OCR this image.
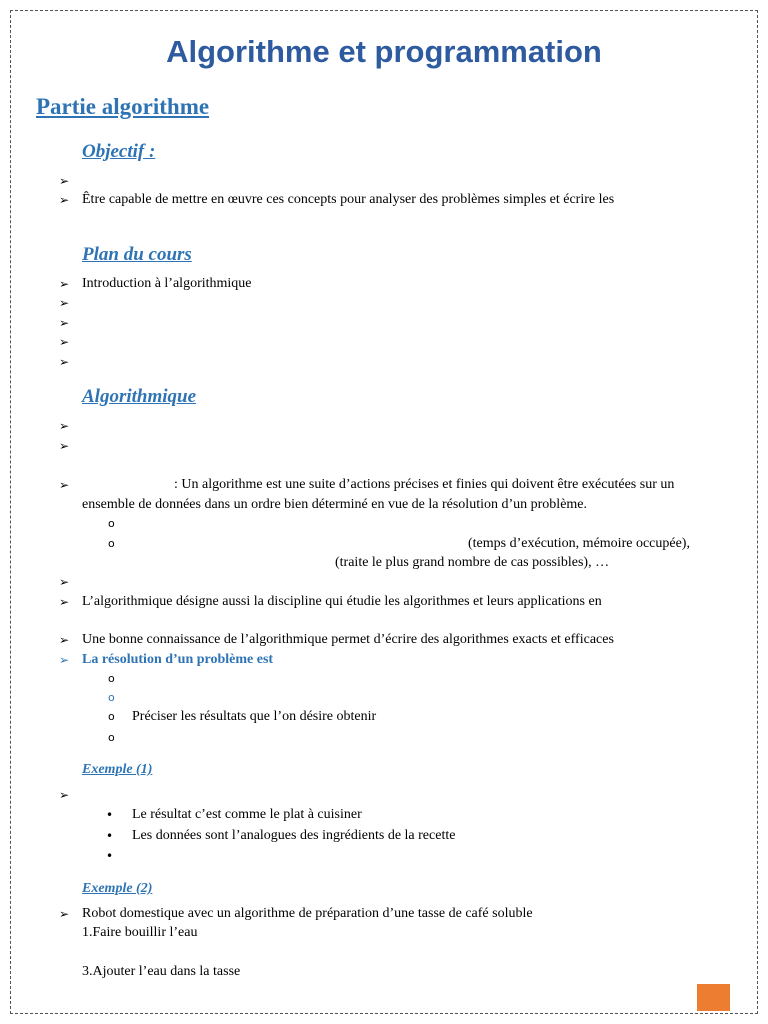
Algorithme et programmation
Partie algorithme
Objectif :
➢
➢ Être capable de mettre en œuvre ces concepts pour analyser des problèmes simples et écrire les
Plan du cours
➢ Introduction à l’algorithmique
➢
➢
➢
➢
Algorithmique
➢
➢
➢	: Un algorithme est une suite d’actions précises et finies qui doivent être exécutées sur un
ensemble de données dans un ordre bien déterminé en vue de la résolution d’un problème.
o
o	(temps d’exécution, mémoire occupée),
(traite le plus grand nombre de cas possibles), …
➢
➢ L’algorithmique désigne aussi la discipline qui étudie les algorithmes et leurs applications en
➢ Une bonne connaissance de l’algorithmique permet d’écrire des algorithmes exacts et efficaces
➢ La résolution d’un problème est
o
o
o Préciser les résultats que l’on désire obtenir
o
Exemple (1)
➢
• Le résultat c’est comme le plat à cuisiner
• Les données sont l’analogues des ingrédients de la recette
•
Exemple (2)
➢ Robot domestique avec un algorithme de préparation d’une tasse de café soluble
1.Faire bouillir l’eau
3.Ajouter l’eau dans la tasse
